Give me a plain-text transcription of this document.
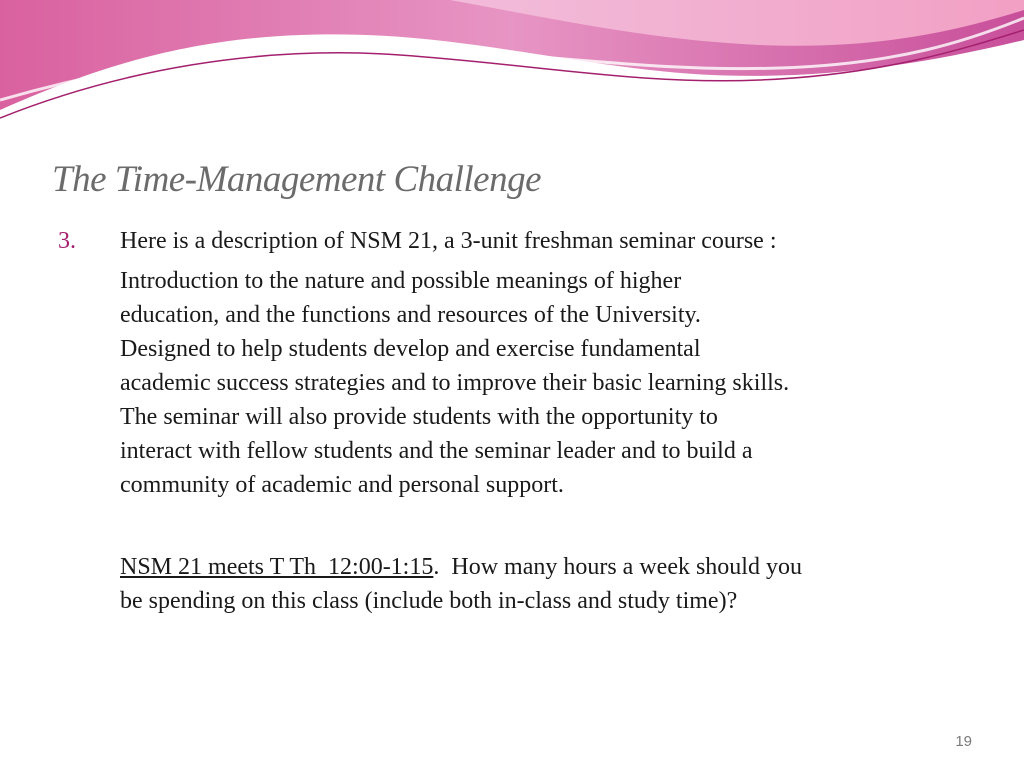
The Time-Management Challenge
3. Here is a description of NSM 21, a 3-unit freshman seminar course :
Introduction to the nature and possible meanings of higher
education, and the functions and resources of the University.
Designed to help students develop and exercise fundamental
academic success strategies and to improve their basic learning skills.
The seminar will also provide students with the opportunity to
interact with fellow students and the seminar leader and to build a
community of academic and personal support.
NSM 21 meets T Th  12:00-1:15.  How many hours a week should you
be spending on this class (include both in-class and study time)?
19
